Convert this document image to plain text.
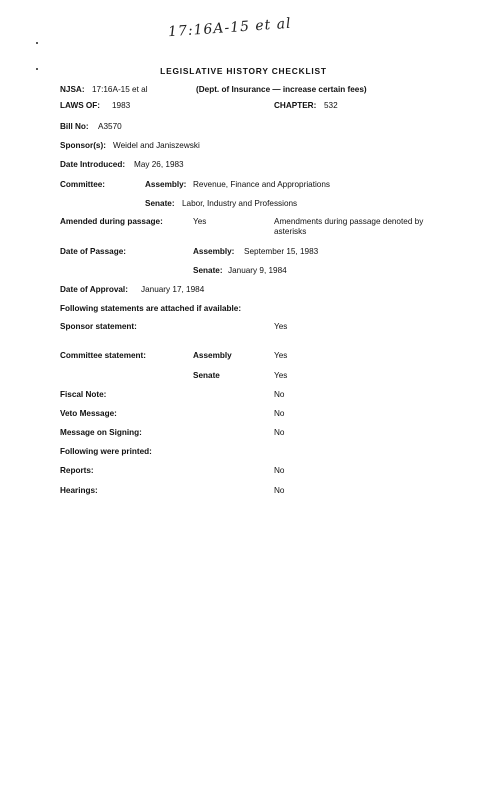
17:16A-15 et al
LEGISLATIVE HISTORY CHECKLIST
NJSA: 17:16A-15 et al	(Dept. of Insurance — increase certain fees)
LAWS OF: 1983	CHAPTER: 532
Bill No: A3570
Sponsor(s): Weidel and Janiszewski
Date Introduced: May 26, 1983
Committee:	Assembly: Revenue, Finance and Appropriations
Senate: Labor, Industry and Professions
Amended during passage:	Yes	Amendments during passage denoted by asterisks
Date of Passage:	Assembly: September 15, 1983
Senate: January 9, 1984
Date of Approval: January 17, 1984
Following statements are attached if available:
Sponsor statement:	Yes
Committee statement:	Assembly	Yes
Senate	Yes
Fiscal Note:	No
Veto Message:	No
Message on Signing:	No
Following were printed:
Reports:	No
Hearings:	No
